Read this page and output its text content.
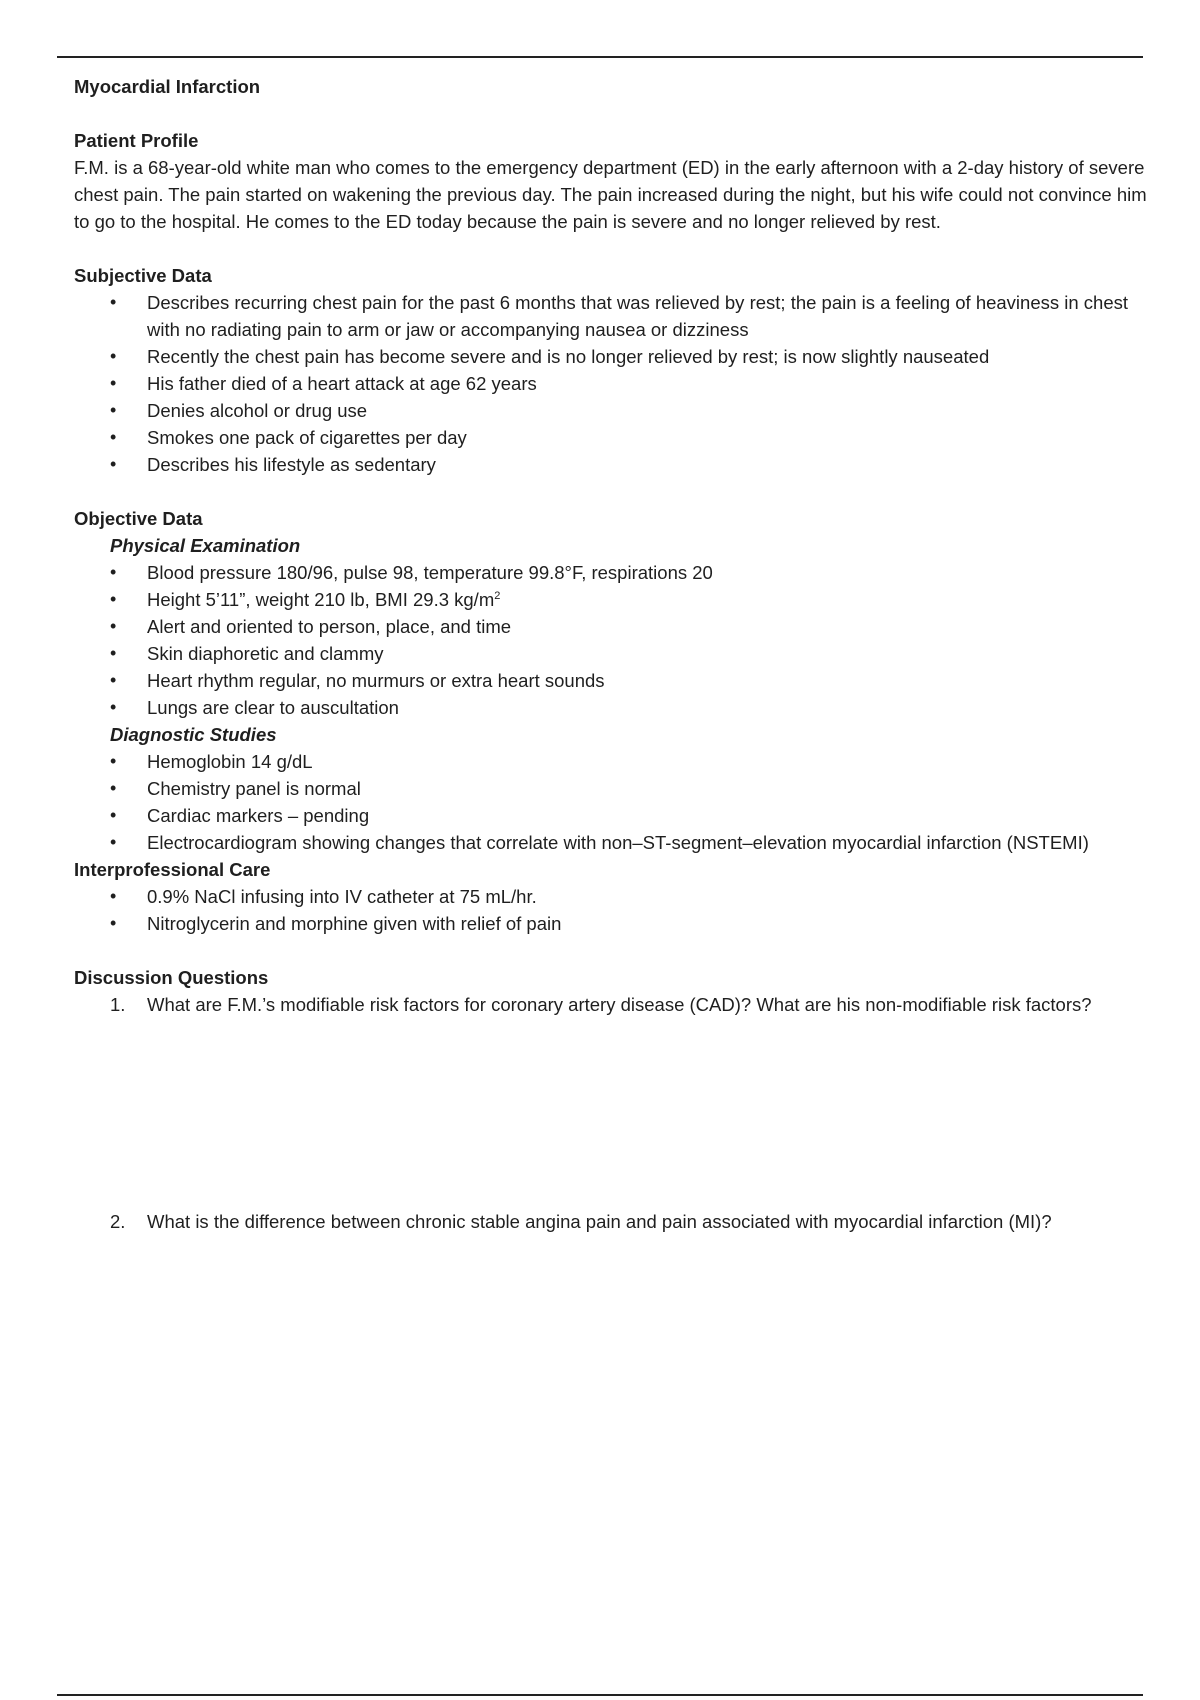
Myocardial Infarction

Patient Profile

F.M. is a 68-year-old white man who comes to the emergency department (ED) in the early afternoon with a 2-day history of severe chest pain. The pain started on wakening the previous day. The pain increased during the night, but his wife could not convince him to go to the hospital. He comes to the ED today because the pain is severe and no longer relieved by rest.

Subjective Data

• Describes recurring chest pain for the past 6 months that was relieved by rest; the pain is a feeling of heaviness in chest with no radiating pain to arm or jaw or accompanying nausea or dizziness
• Recently the chest pain has become severe and is no longer relieved by rest; is now slightly nauseated
• His father died of a heart attack at age 62 years
• Denies alcohol or drug use
• Smokes one pack of cigarettes per day
• Describes his lifestyle as sedentary

Objective Data

Physical Examination

• Blood pressure 180/96, pulse 98, temperature 99.8°F, respirations 20
• Height 5’11”, weight 210 lb, BMI 29.3 $kg/m^2$
• Alert and oriented to person, place, and time
• Skin diaphoretic and clammy
• Heart rhythm regular, no murmurs or extra heart sounds
• Lungs are clear to auscultation

Diagnostic Studies

• Hemoglobin 14 g/dL
• Chemistry panel is normal
• Cardiac markers – pending
• Electrocardiogram showing changes that correlate with non–ST-segment–elevation myocardial infarction (NSTEMI)

Interprofessional Care

• 0.9% NaCl infusing into IV catheter at 75 mL/hr.
• Nitroglycerin and morphine given with relief of pain

Discussion Questions

1. What are F.M.’s modifiable risk factors for coronary artery disease (CAD)? What are his non-modifiable risk factors?
2. What is the difference between chronic stable angina pain and pain associated with myocardial infarction (MI)?
